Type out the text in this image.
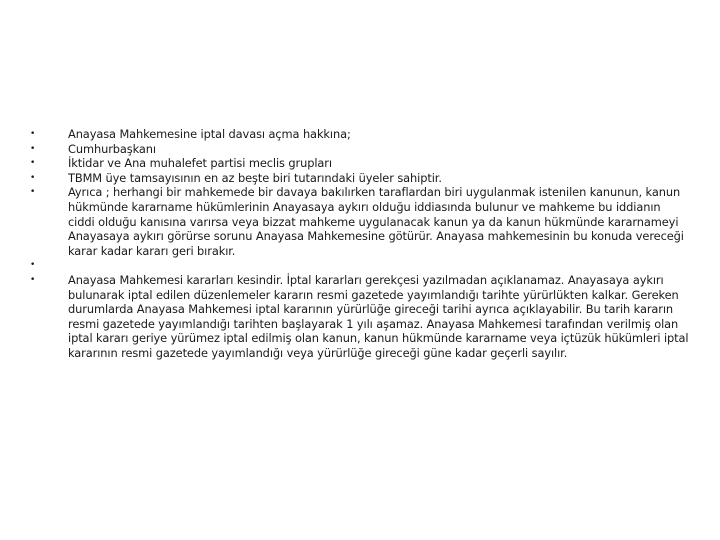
•	Anayasa Mahkemesine iptal davası açma hakkına;
•	Cumhurbaşkanı
•	İktidar ve Ana muhalefet partisi meclis grupları
•	TBMM üye tamsayısının en az beşte biri tutarındaki üyeler sahiptir.
•	Ayrıca ; herhangi bir mahkemede bir davaya bakılırken taraflardan biri uygulanmak istenilen kanunun, kanun hükmünde kararname hükümlerinin Anayasaya aykırı olduğu iddiasında bulunur ve mahkeme bu iddianın ciddi olduğu kanısına varırsa veya bizzat mahkeme uygulanacak kanun ya da kanun hükmünde kararnameyi Anayasaya aykırı görürse sorunu Anayasa Mahkemesine götürür. Anayasa mahkemesinin bu konuda vereceği karar kadar kararı geri bırakır.
•
•	Anayasa Mahkemesi kararları kesindir. İptal kararları gerekçesi yazılmadan açıklanamaz. Anayasaya aykırı bulunarak iptal edilen düzenlemeler kararın resmi gazetede yayımlandığı tarihte yürürlükten kalkar. Gereken durumlarda Anayasa Mahkemesi iptal kararının yürürlüğe gireceği tarihi ayrıca açıklayabilir. Bu tarih kararın resmi gazetede yayımlandığı tarihten başlayarak 1 yılı aşamaz. Anayasa Mahkemesi tarafından verilmiş olan iptal kararı geriye yürümez iptal edilmiş olan kanun, kanun hükmünde kararname veya içtüzük hükümleri iptal kararının resmi gazetede yayımlandığı veya yürürlüğe gireceği güne kadar geçerli sayılır.
